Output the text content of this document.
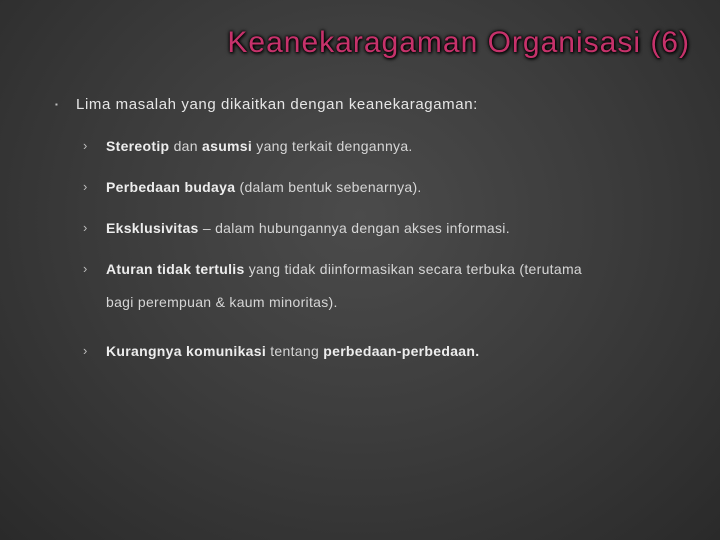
Keanekaragaman Organisasi (6)
▪ Lima masalah yang dikaitkan dengan keanekaragaman:
› Stereotip dan asumsi yang terkait dengannya.
› Perbedaan budaya (dalam bentuk sebenarnya).
› Eksklusivitas – dalam hubungannya dengan akses informasi.
› Aturan tidak tertulis yang tidak diinformasikan secara terbuka (terutama
bagi perempuan & kaum minoritas).
› Kurangnya komunikasi tentang perbedaan-perbedaan.
